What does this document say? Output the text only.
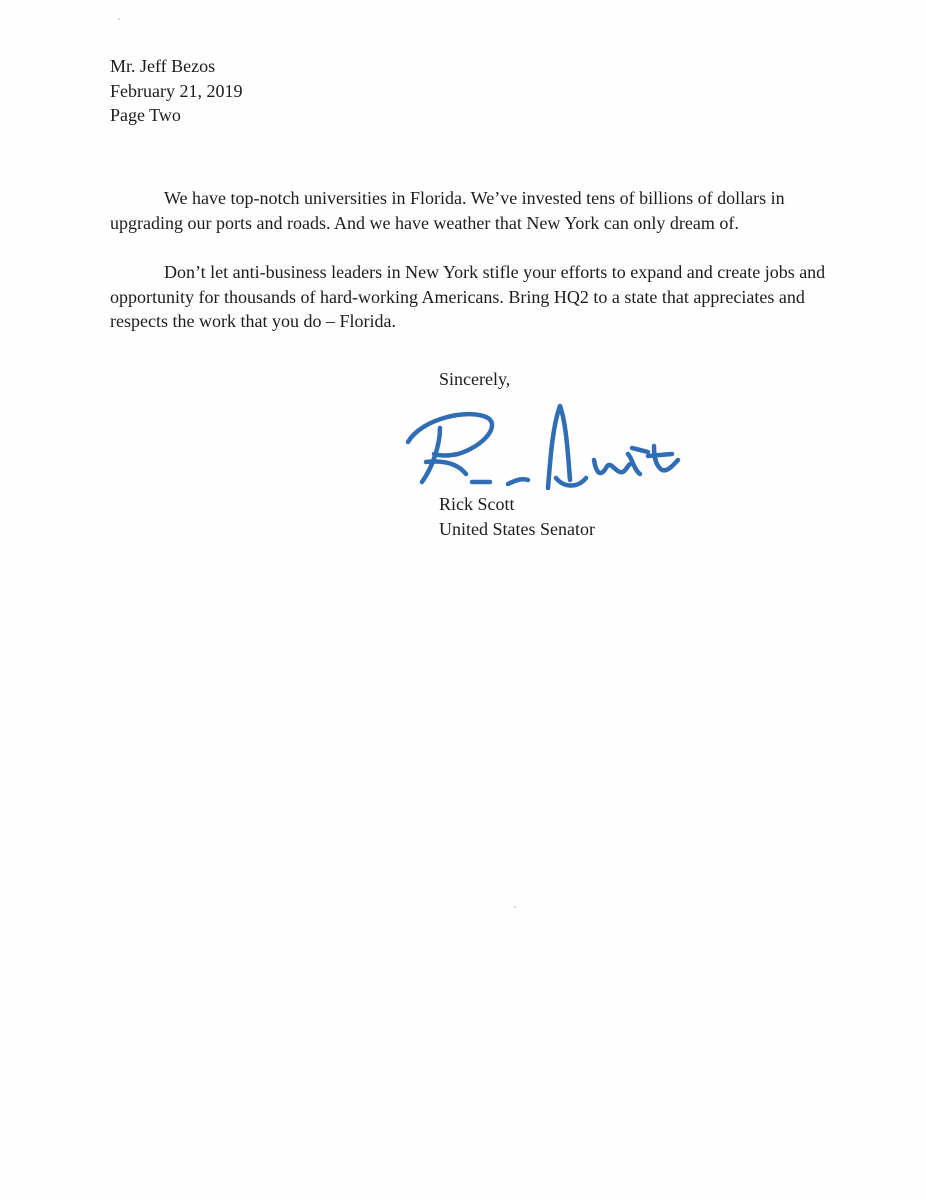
Mr. Jeff Bezos
February 21, 2019
Page Two

We have top-notch universities in Florida. We’ve invested tens of billions of dollars in upgrading our ports and roads. And we have weather that New York can only dream of.

Don’t let anti-business leaders in New York stifle your efforts to expand and create jobs and opportunity for thousands of hard-working Americans. Bring HQ2 to a state that appreciates and respects the work that you do – Florida.

Sincerely,
Rick Scott
United States Senator
